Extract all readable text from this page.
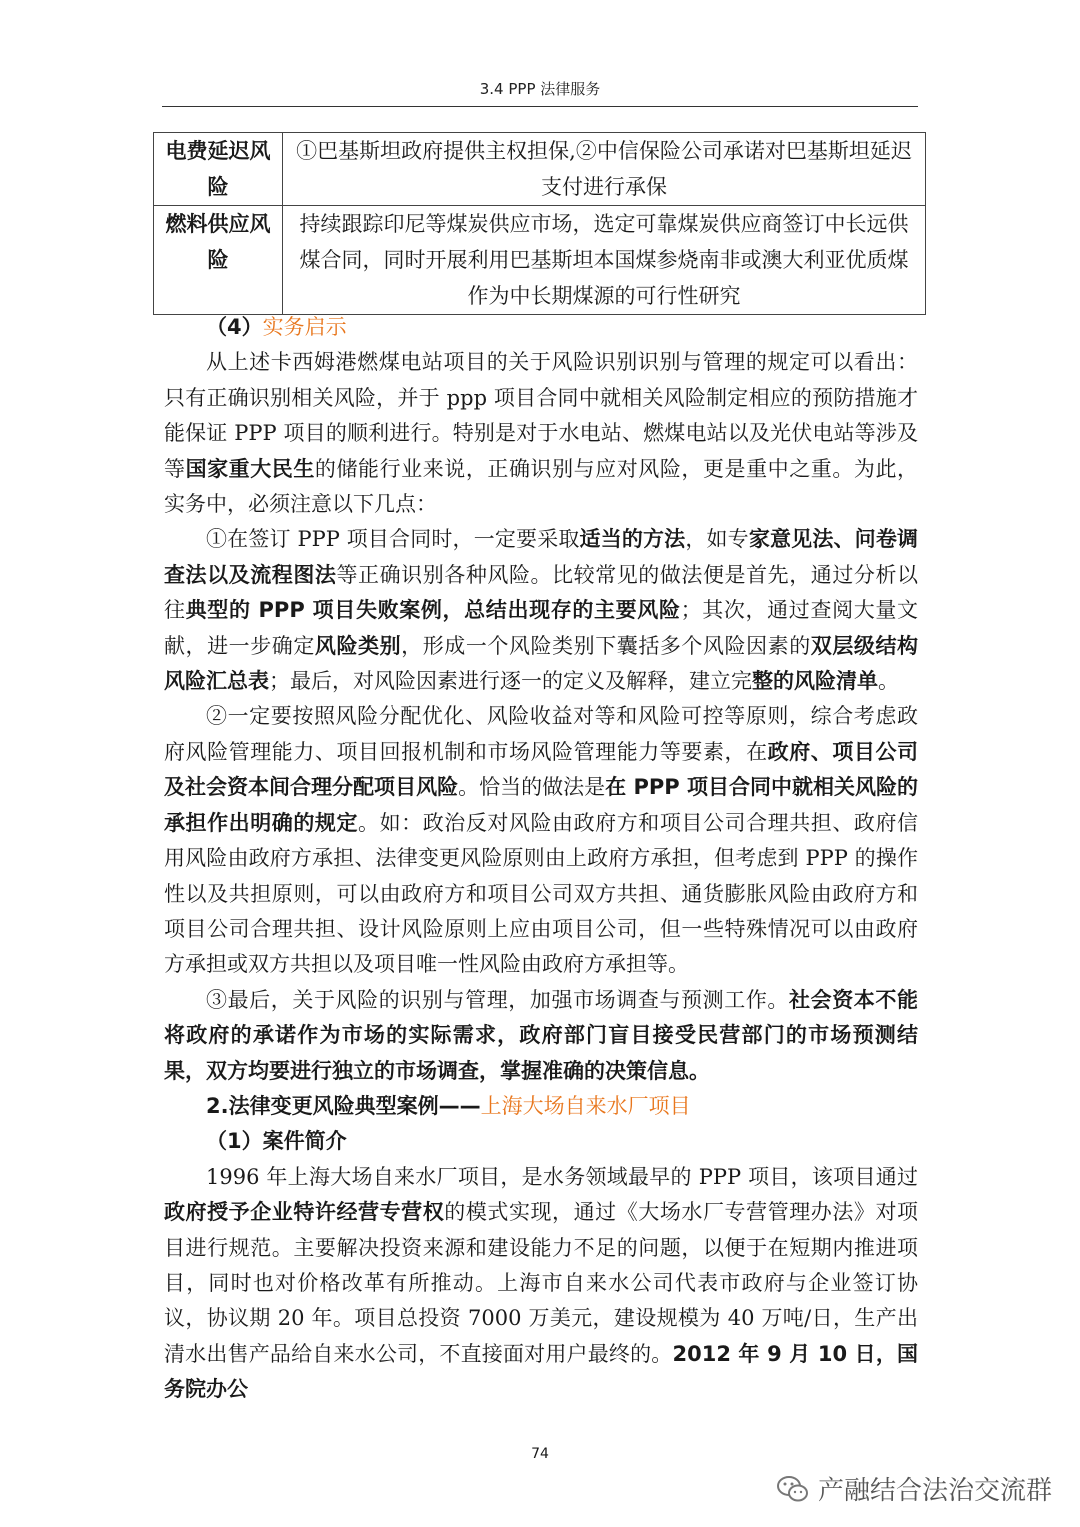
3.4 PPP 法律服务
电费延迟风险	①巴基斯坦政府提供主权担保,②中信保险公司承诺对巴基斯坦延迟支付进行承保
燃料供应风险	持续跟踪印尼等煤炭供应市场，选定可靠煤炭供应商签订中长远供煤合同，同时开展利用巴基斯坦本国煤参烧南非或澳大利亚优质煤作为中长期煤源的可行性研究

（4）实务启示

从上述卡西姆港燃煤电站项目的关于风险识别识别与管理的规定可以看出：只有正确识别相关风险，并于 ppp 项目合同中就相关风险制定相应的预防措施才能保证 PPP 项目的顺利进行。特别是对于水电站、燃煤电站以及光伏电站等涉及等国家重大民生的储能行业来说，正确识别与应对风险，更是重中之重。为此，实务中，必须注意以下几点：

①在签订 PPP 项目合同时，一定要采取适当的方法，如专家意见法、问卷调查法以及流程图法等正确识别各种风险。比较常见的做法便是首先，通过分析以往典型的 PPP 项目失败案例，总结出现存的主要风险；其次，通过查阅大量文献，进一步确定风险类别，形成一个风险类别下囊括多个风险因素的双层级结构风险汇总表；最后，对风险因素进行逐一的定义及解释，建立完整的风险清单。

②一定要按照风险分配优化、风险收益对等和风险可控等原则，综合考虑政府风险管理能力、项目回报机制和市场风险管理能力等要素，在政府、项目公司及社会资本间合理分配项目风险。恰当的做法是在 PPP 项目合同中就相关风险的承担作出明确的规定。如：政治反对风险由政府方和项目公司合理共担、政府信用风险由政府方承担、法律变更风险原则由上政府方承担，但考虑到 PPP 的操作性以及共担原则，可以由政府方和项目公司双方共担、通货膨胀风险由政府方和项目公司合理共担、设计风险原则上应由项目公司，但一些特殊情况可以由政府方承担或双方共担以及项目唯一性风险由政府方承担等。

③最后，关于风险的识别与管理，加强市场调查与预测工作。社会资本不能将政府的承诺作为市场的实际需求，政府部门盲目接受民营部门的市场预测结果，双方均要进行独立的市场调查，掌握准确的决策信息。

2.法律变更风险典型案例——上海大场自来水厂项目

（1）案件简介

1996 年上海大场自来水厂项目，是水务领域最早的 PPP 项目，该项目通过政府授予企业特许经营专营权的模式实现，通过《大场水厂专营管理办法》对项目进行规范。主要解决投资来源和建设能力不足的问题，以便于在短期内推进项目，同时也对价格改革有所推动。上海市自来水公司代表市政府与企业签订协议，协议期 20 年。项目总投资 7000 万美元，建设规模为 40 万吨/日，生产出清水出售产品给自来水公司，不直接面对用户最终的。2012 年 9 月 10 日，国务院办公

74
产融结合法治交流群
